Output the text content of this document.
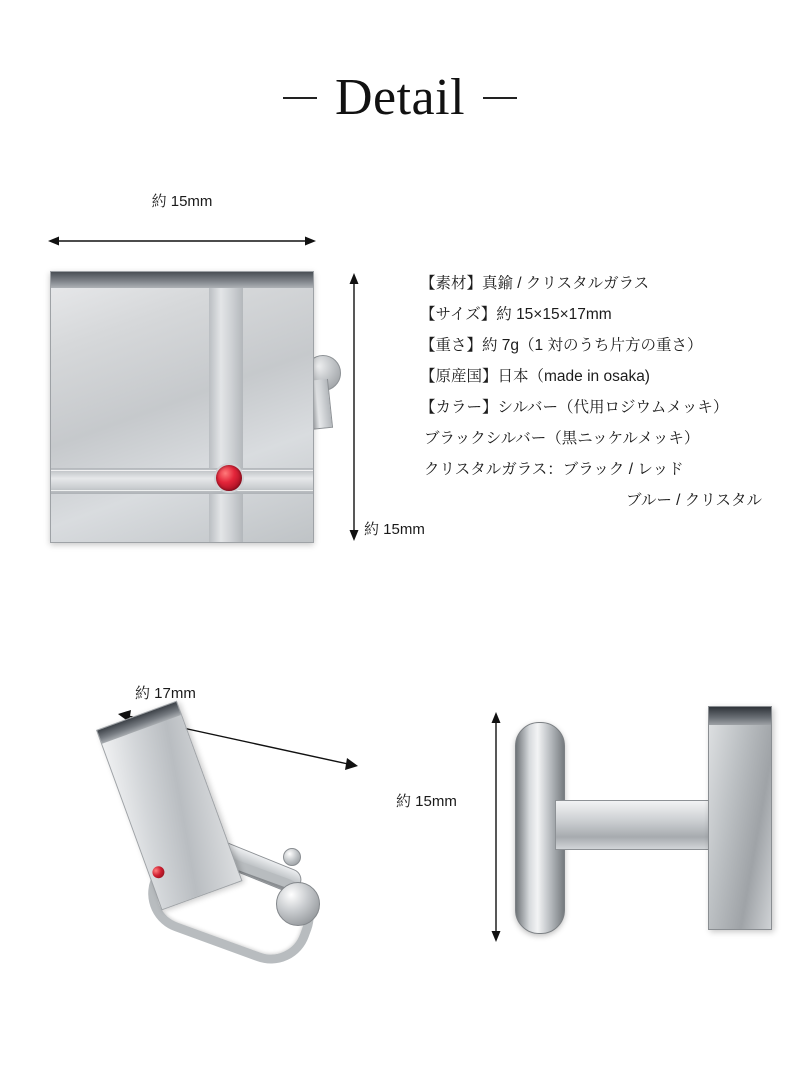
Detail
約 15mm
約 15mm
【素材】真鍮 / クリスタルガラス
【サイズ】約 15×15×17mm
【重さ】約 7g（1 対のうち片方の重さ）
【原産国】日本（made in osaka)
【カラー】シルバー（代用ロジウムメッキ）
ブラックシルバー（黒ニッケルメッキ）
クリスタルガラス：ブラック / レッド
ブルー / クリスタル
約 17mm
約 15mm
